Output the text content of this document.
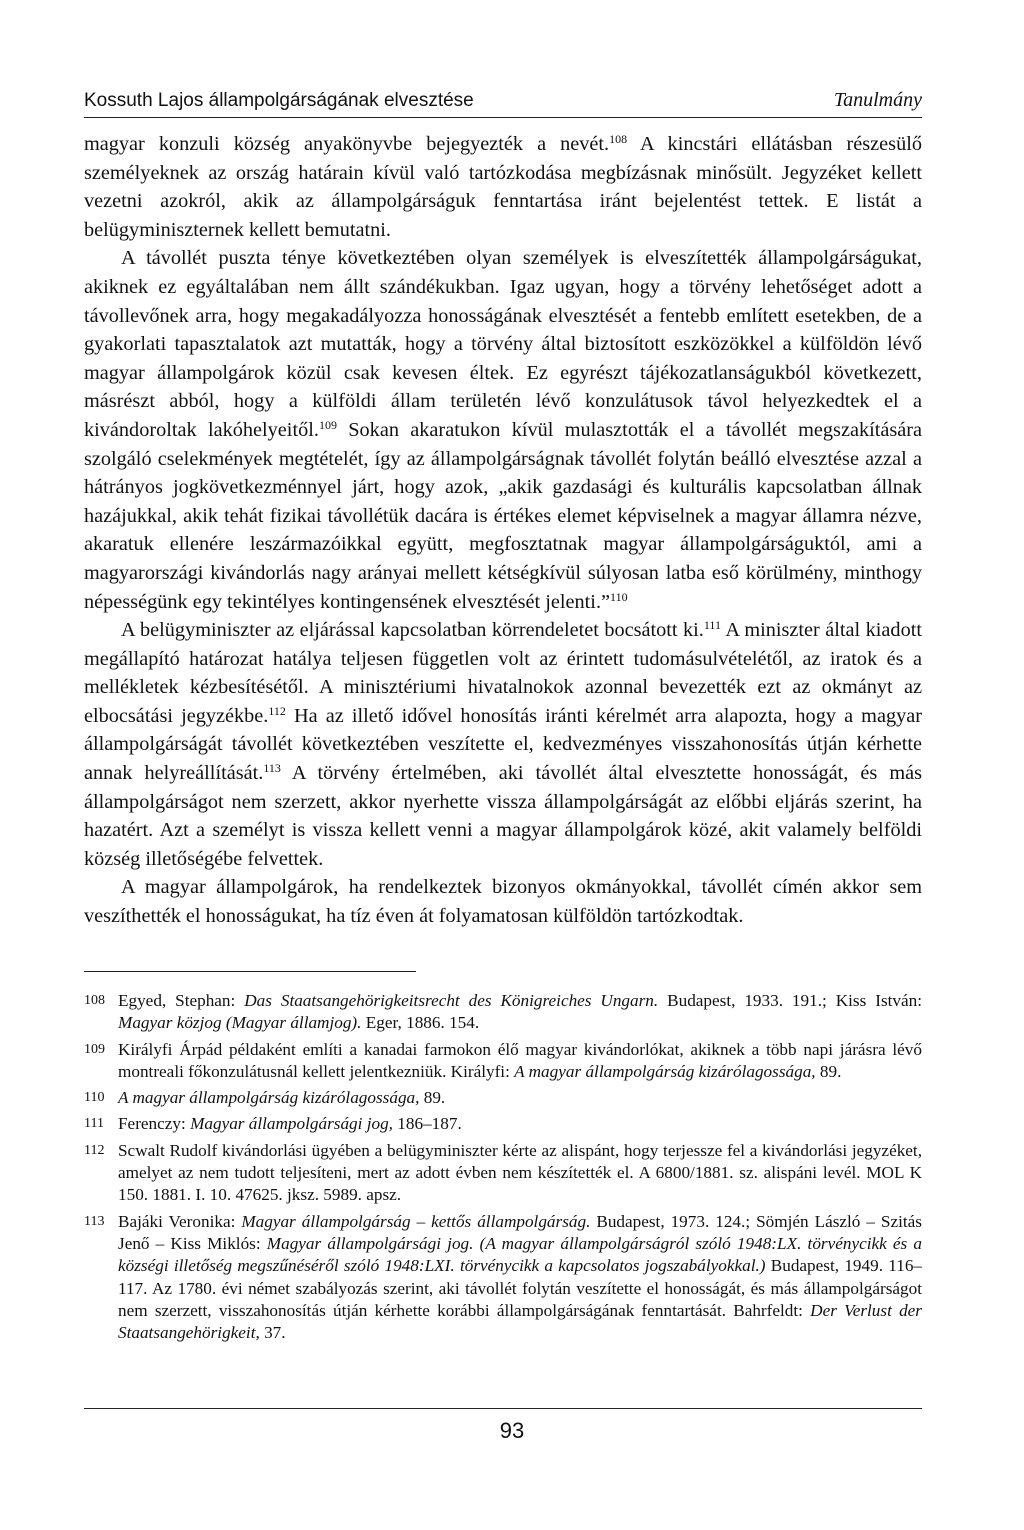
Kossuth Lajos állampolgárságának elvesztése	Tanulmány

magyar konzuli község anyakönyvbe bejegyezték a nevét.$^{108}$ A kincstári ellátásban részesülő személyeknek az ország határain kívül való tartózkodása megbízásnak minősült. Jegyzéket kellett vezetni azokról, akik az állampolgárságuk fenntartása iránt bejelentést tettek. E listát a belügyminiszternek kellett bemutatni.

A távollét puszta ténye következtében olyan személyek is elveszítették állampolgárságukat, akiknek ez egyáltalában nem állt szándékukban. Igaz ugyan, hogy a törvény lehetőséget adott a távollevőnek arra, hogy megakadályozza honosságának elvesztését a fentebb említett esetekben, de a gyakorlati tapasztalatok azt mutatták, hogy a törvény által biztosított eszközökkel a külföldön lévő magyar állampolgárok közül csak kevesen éltek. Ez egyrészt tájékozatlanságukból következett, másrészt abból, hogy a külföldi állam területén lévő konzulátusok távol helyezkedtek el a kivándoroltak lakóhelyeitől.$^{109}$ Sokan akaratukon kívül mulasztották el a távollét megszakítására szolgáló cselekmények megtételét, így az állampolgárságnak távollét folytán beálló elvesztése azzal a hátrányos jogkövetkezménnyel járt, hogy azok, „akik gazdasági és kulturális kapcsolatban állnak hazájukkal, akik tehát fizikai távollétük dacára is értékes elemet képviselnek a magyar államra nézve, akaratuk ellenére leszármazóikkal együtt, megfosztatnak magyar állampolgárságuktól, ami a magyarországi kivándorlás nagy arányai mellett kétségkívül súlyosan latba eső körülmény, minthogy népességünk egy tekintélyes kontingensének elvesztését jelenti.”$^{110}$

A belügyminiszter az eljárással kapcsolatban körrendeletet bocsátott ki.$^{111}$ A miniszter által kiadott megállapító határozat hatálya teljesen független volt az érintett tudomásulvételétől, az iratok és a mellékletek kézbesítésétől. A minisztériumi hivatalnokok azonnal bevezették ezt az okmányt az elbocsátási jegyzékbe.$^{112}$ Ha az illető idővel honosítás iránti kérelmét arra alapozta, hogy a magyar állampolgárságát távollét következtében veszítette el, kedvezményes visszahonosítás útján kérhette annak helyreállítását.$^{113}$ A törvény értelmében, aki távollét által elvesztette honosságát, és más állampolgárságot nem szerzett, akkor nyerhette vissza állampolgárságát az előbbi eljárás szerint, ha hazatért. Azt a személyt is vissza kellett venni a magyar állampolgárok közé, akit valamely belföldi község illetőségébe felvettek.

A magyar állampolgárok, ha rendelkeztek bizonyos okmányokkal, távollét címén akkor sem veszíthették el honosságukat, ha tíz éven át folyamatosan külföldön tartózkodtak.

108 Egyed, Stephan: Das Staatsangehörigkeitsrecht des Königreiches Ungarn. Budapest, 1933. 191.; Kiss István: Magyar közjog (Magyar államjog). Eger, 1886. 154.
109 Királyfi Árpád példaként említi a kanadai farmokon élő magyar kivándorlókat, akiknek a több napi járásra lévő montreali főkonzulátusnál kellett jelentkezniük. Királyfi: A magyar állampolgárság kizárólagossága, 89.
110 A magyar állampolgárság kizárólagossága, 89.
111 Ferenczy: Magyar állampolgársági jog, 186–187.
112 Scwalt Rudolf kivándorlási ügyében a belügyminiszter kérte az alispánt, hogy terjessze fel a kivándorlási jegyzéket, amelyet az nem tudott teljesíteni, mert az adott évben nem készítették el. A 6800/1881. sz. alispáni levél. MOL K 150. 1881. I. 10. 47625. jksz. 5989. apsz.
113 Bajáki Veronika: Magyar állampolgárság – kettős állampolgárság. Budapest, 1973. 124.; Sömjén László – Szitás Jenő – Kiss Miklós: Magyar állampolgársági jog. (A magyar állampolgárságról szóló 1948:LX. törvénycikk és a községi illetőség megszűnéséről szóló 1948:LXI. törvénycikk a kapcsolatos jogszabályokkal.) Budapest, 1949. 116–117. Az 1780. évi német szabályozás szerint, aki távollét folytán veszítette el honosságát, és más állampolgárságot nem szerzett, visszahonosítás útján kérhette korábbi állampolgárságának fenntartását. Bahrfeldt: Der Verlust der Staatsangehörigkeit, 37.
93
